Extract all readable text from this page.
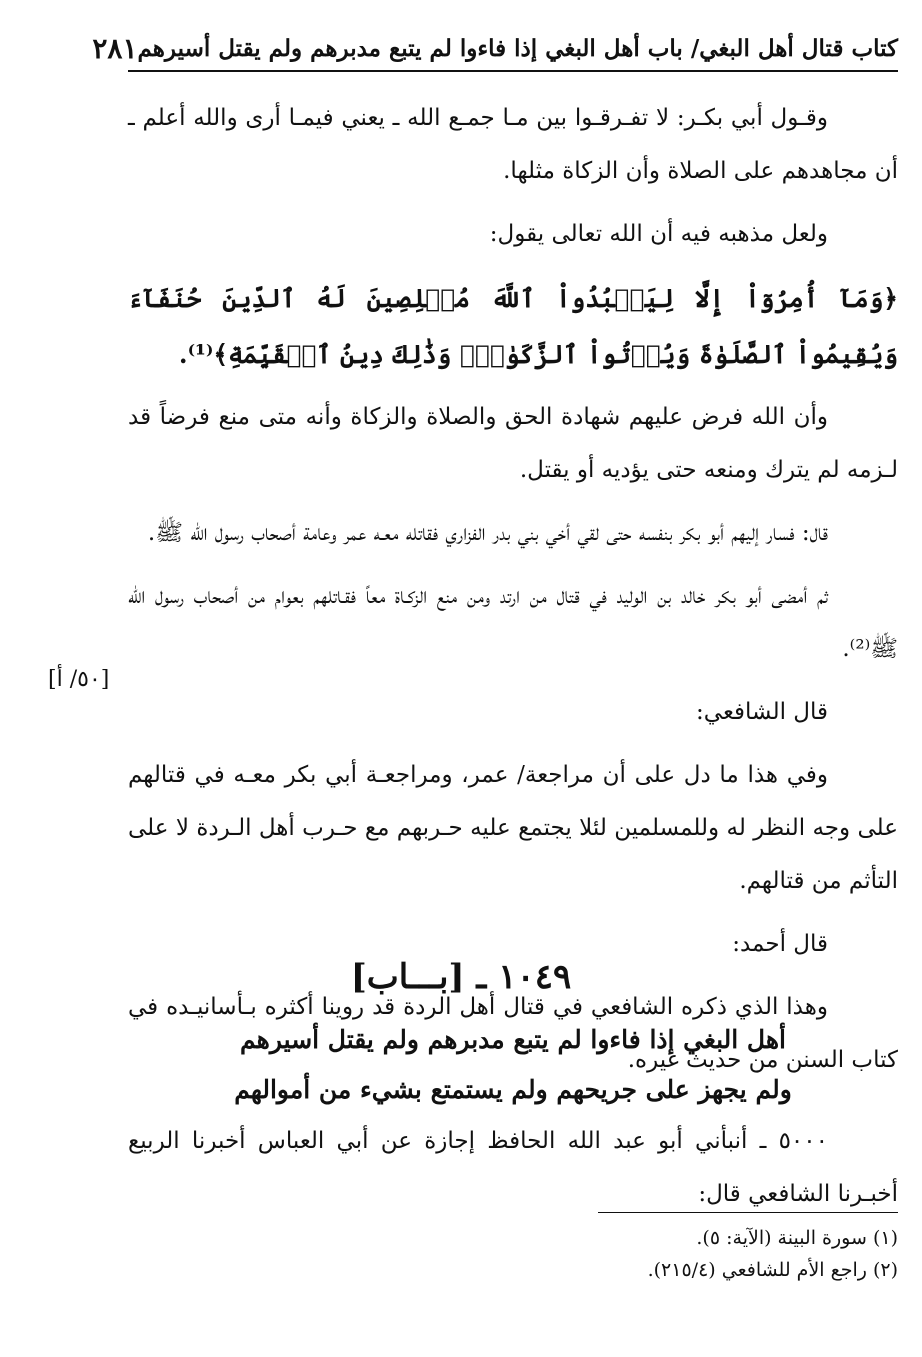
كتاب قتال أهل البغي/ باب أهل البغي إذا فاءوا لم يتبع مدبرهم ولم يقتل أسيرهم
٢٨١

وقـول أبي بكـر: لا تفـرقـوا بين مـا جمـع الله ـ يعني فيمـا أرى والله أعلم ـ أن مجاهدهم على الصلاة وأن الزكاة مثلها.

ولعل مذهبه فيه أن الله تعالى يقول:

﴿وَمَآ أُمِرُوٓاْ إِلَّا لِيَعۡبُدُواْ ٱللَّهَ مُخۡلِصِينَ لَهُ ٱلدِّينَ حُنَفَآءَ وَيُقِيمُواْ ٱلصَّلَوٰةَ وَيُؤۡتُواْ ٱلزَّكَوٰةَۚ وَذَٰلِكَ دِينُ ٱلۡقَيِّمَةِ﴾⁽¹⁾.

وأن الله فرض عليهم شهادة الحق والصلاة والزكاة وأنه متى منع فرضاً قد لـزمه لم يترك ومنعه حتى يؤديه أو يقتل.

قال: فسار إليهم أبو بكر بنفسه حتى لقي أخي بني بدر الفزاري فقاتله معـه عمر وعامة أصحاب رسول الله ﷺ.

ثم أمضى أبو بكر خالد بن الوليد في قتال من ارتد ومن منع الزكـاة معاً فقـاتلهم بعوام من أصحاب رسول الله ﷺ⁽²⁾.

قال الشافعي:

وفي هذا ما دل على أن مراجعة/ عمر، ومراجعـة أبي بكر معـه في قتالهم على وجه النظر له وللمسلمين لئلا يجتمع عليه حـربهم مع حـرب أهل الـردة لا على التأثم من قتالهم.

قال أحمد:

وهذا الذي ذكره الشافعي في قتال أهل الردة قد روينا أكثره بـأسانيـده في كتاب السنن من حديث غيره.

[٥٠/ أ]
١٠٤٩ ـ [بـــاب]
أهل البغي إذا فاءوا لم يتبع مدبرهم ولم يقتل أسيرهم
ولم يجهز على جريحهم ولم يستمتع بشيء من أموالهم

٥٠٠٠ ـ أنبأني أبو عبد الله الحافظ إجازة عن أبي العباس أخبرنا الربيع أخبـرنا الشافعي قال:

(١) سورة البينة (الآية: ٥).
(٢) راجع الأم للشافعي (٢١٥/٤).
